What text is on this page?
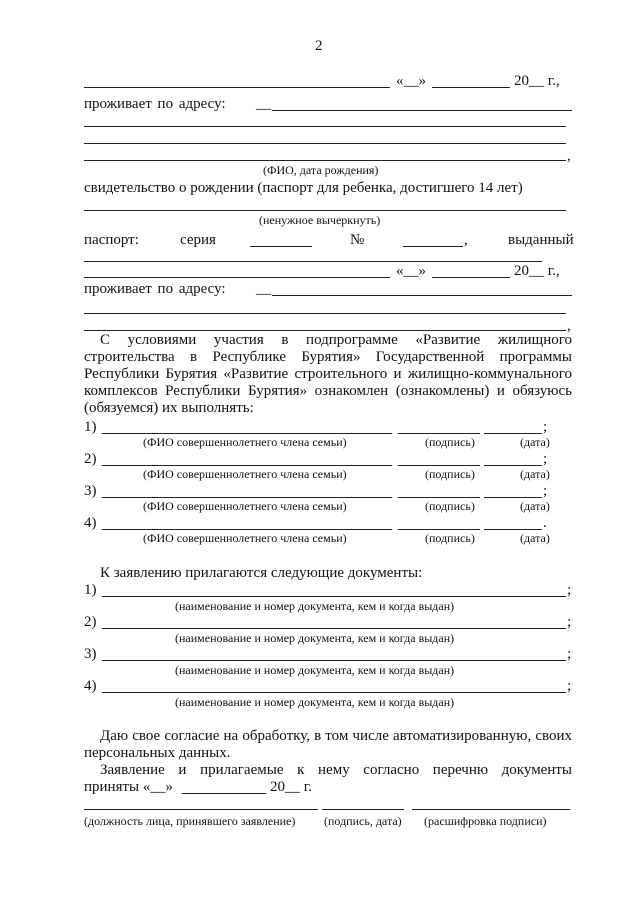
2
«__»	20__ г.,
проживает по адресу: __
,
(ФИО, дата рождения)
свидетельство о рождении (паспорт для ребенка, достигшего 14 лет)
(ненужное вычеркнуть)
паспорт:	серия	№	,	выданный
«__»	20__ г.,
проживает по адресу: __
,
С условиями участия в подпрограмме «Развитие жилищного строительства в Республике Бурятия» Государственной программы Республики Бурятия «Развитие строительного и жилищно-коммунального комплексов Республики Бурятия» ознакомлен (ознакомлены) и обязуюсь (обязуемся) их выполнять:
1)	;
(ФИО совершеннолетнего члена семьи)	(подпись)	(дата)
2)	;
(ФИО совершеннолетнего члена семьи)	(подпись)	(дата)
3)	;
(ФИО совершеннолетнего члена семьи)	(подпись)	(дата)
4)	.
(ФИО совершеннолетнего члена семьи)	(подпись)	(дата)
К заявлению прилагаются следующие документы:
1)	;
(наименование и номер документа, кем и когда выдан)
2)	;
(наименование и номер документа, кем и когда выдан)
3)	;
(наименование и номер документа, кем и когда выдан)
4)	;
(наименование и номер документа, кем и когда выдан)
Даю свое согласие на обработку, в том числе автоматизированную, своих персональных данных.
Заявление и прилагаемые к нему согласно перечню документы
приняты «__»	20__ г.
(должность лица, принявшего заявление) (подпись, дата) (расшифровка подписи)
